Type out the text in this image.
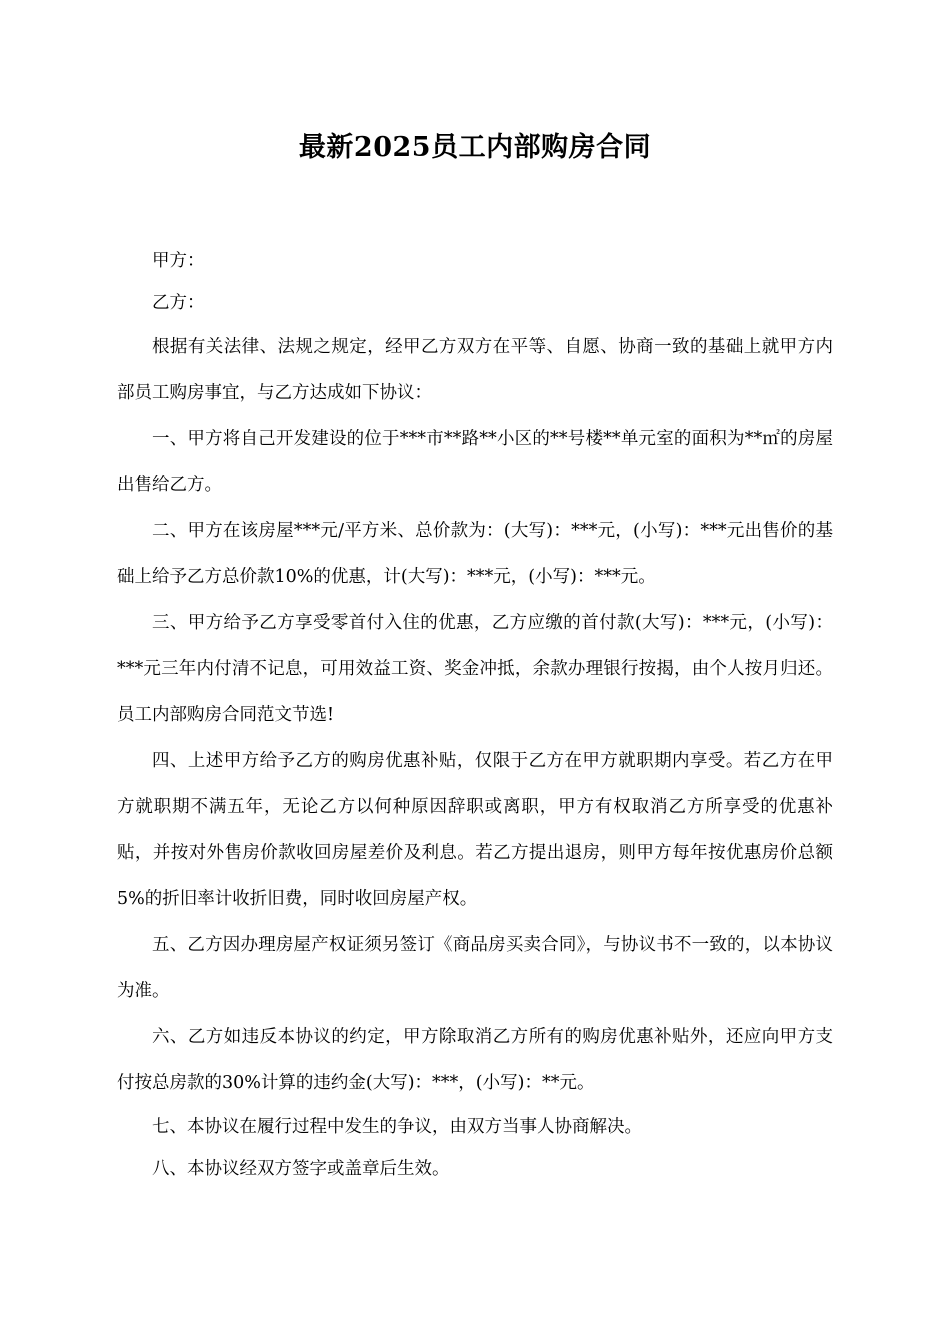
最新2025员工内部购房合同

甲方：

乙方：

根据有关法律、法规之规定，经甲乙方双方在平等、自愿、协商一致的基础上就甲方内部员工购房事宜，与乙方达成如下协议：

一、甲方将自己开发建设的位于***市**路**小区的**号楼**单元室的面积为**㎡的房屋出售给乙方。

二、甲方在该房屋***元/平方米、总价款为：(大写)：***元，(小写)：***元出售价的基础上给予乙方总价款10%的优惠，计(大写)：***元，(小写)：***元。

三、甲方给予乙方享受零首付入住的优惠，乙方应缴的首付款(大写)：***元，(小写)：***元三年内付清不记息，可用效益工资、奖金冲抵，余款办理银行按揭，由个人按月归还。员工内部购房合同范文节选!

四、上述甲方给予乙方的购房优惠补贴，仅限于乙方在甲方就职期内享受。若乙方在甲方就职期不满五年，无论乙方以何种原因辞职或离职，甲方有权取消乙方所享受的优惠补贴，并按对外售房价款收回房屋差价及利息。若乙方提出退房，则甲方每年按优惠房价总额5%的折旧率计收折旧费，同时收回房屋产权。

五、乙方因办理房屋产权证须另签订《商品房买卖合同》，与协议书不一致的，以本协议为准。

六、乙方如违反本协议的约定，甲方除取消乙方所有的购房优惠补贴外，还应向甲方支付按总房款的30%计算的违约金(大写)：***，(小写)：**元。

七、本协议在履行过程中发生的争议，由双方当事人协商解决。

八、本协议经双方签字或盖章后生效。
